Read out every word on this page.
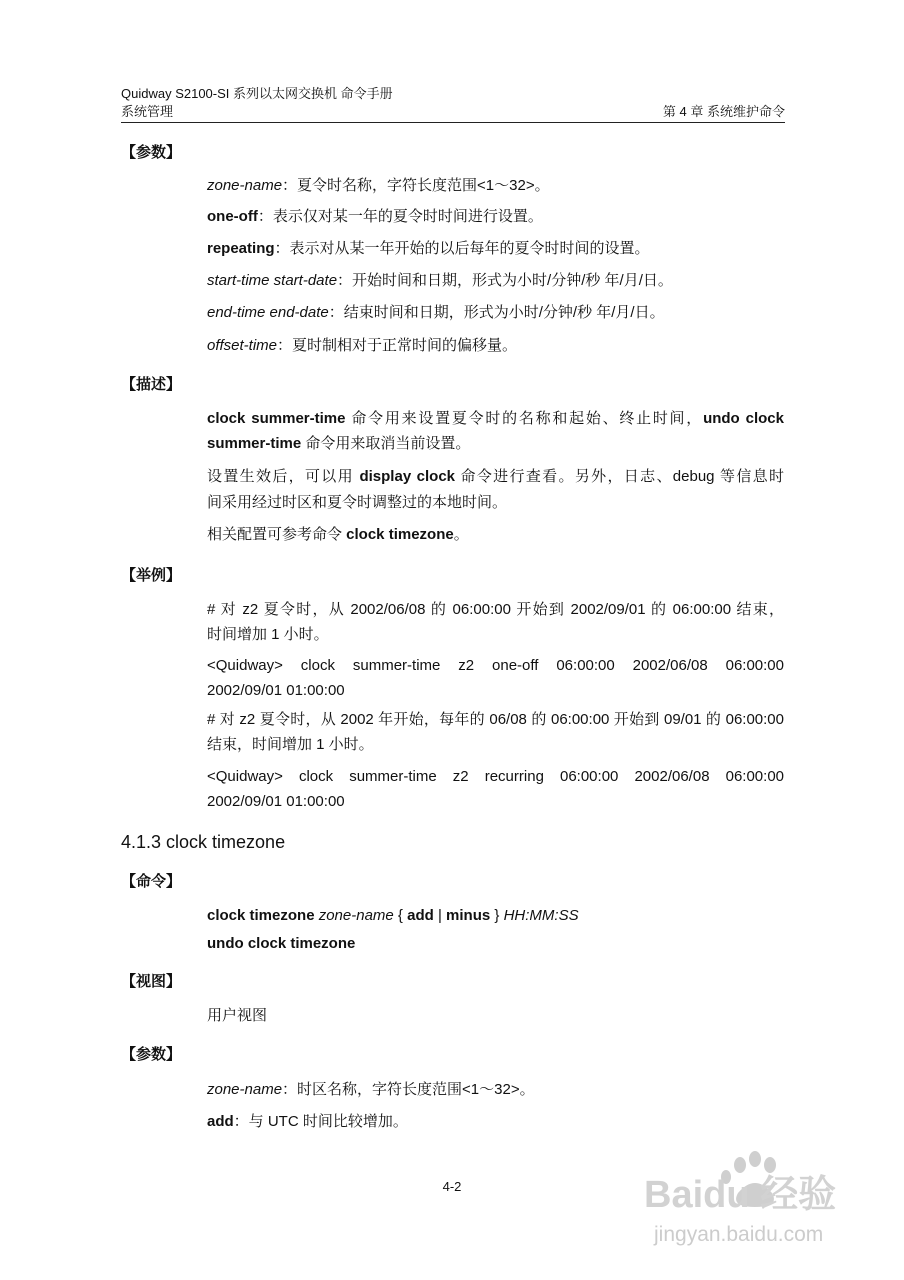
Quidway S2100-SI 系列以太网交换机 命令手册
系统管理	第 4 章 系统维护命令
【参数】
zone-name：夏令时名称，字符长度范围<1～32>。
one-off：表示仅对某一年的夏令时时间进行设置。
repeating：表示对从某一年开始的以后每年的夏令时时间的设置。
start-time start-date：开始时间和日期，形式为小时/分钟/秒 年/月/日。
end-time end-date：结束时间和日期，形式为小时/分钟/秒 年/月/日。
offset-time：夏时制相对于正常时间的偏移量。
【描述】
clock summer-time 命令用来设置夏令时的名称和起始、终止时间，undo clock
summer-time 命令用来取消当前设置。
设置生效后，可以用 display clock 命令进行查看。另外，日志、debug 等信息时
间采用经过时区和夏令时调整过的本地时间。
相关配置可参考命令 clock timezone。
【举例】
# 对 z2 夏令时，从 2002/06/08 的 06:00:00 开始到 2002/09/01 的 06:00:00 结束，
时间增加 1 小时。
<Quidway> clock summer-time z2 one-off 06:00:00 2002/06/08 06:00:00
2002/09/01 01:00:00
# 对 z2 夏令时，从 2002 年开始，每年的 06/08 的 06:00:00 开始到 09/01 的 06:00:00
结束，时间增加 1 小时。
<Quidway> clock summer-time z2 recurring 06:00:00 2002/06/08 06:00:00
2002/09/01 01:00:00
4.1.3 clock timezone
【命令】
clock timezone zone-name { add | minus } HH:MM:SS
undo clock timezone
【视图】
用户视图
【参数】
zone-name：时区名称，字符长度范围<1～32>。
add：与 UTC 时间比较增加。
4-2	Baidu 经验
jingyan.baidu.com
